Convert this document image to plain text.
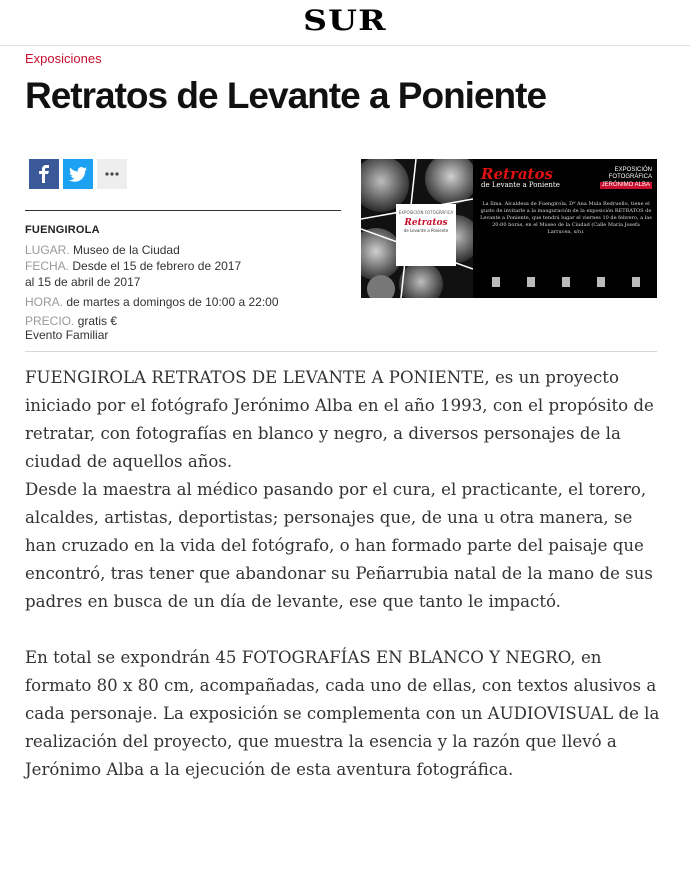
SUR
Exposiciones
Retratos de Levante a Poniente
FUENGIROLA
LUGAR. Museo de la Ciudad
FECHA. Desde el 15 de febrero de 2017
al 15 de abril de 2017
HORA. de martes a domingos de 10:00 a 22:00
PRECIO. gratis €
Evento Familiar
EXPOSICIÓN FOTOGRÁFICA
Retratos
de Levante a Poniente
Retratos
de Levante a Poniente
EXPOSICIÓN
FOTOGRÁFICA
JERÓNIMO ALBA
La Ilma. Alcaldesa de Fuengirola, Dª Ana Mula Redruello, tiene el gusto de invitarle a la inauguración de la exposición RETRATOS de Levante a Poniente, que tendrá lugar el viernes 10 de febrero, a las 20:00 horas, en el Museo de la Ciudad (Calle María Josefa Larrucea, s/n).

FUENGIROLA RETRATOS DE LEVANTE A PONIENTE, es un proyecto iniciado por el fotógrafo Jerónimo Alba en el año 1993, con el propósito de retratar, con fotografías en blanco y negro, a diversos personajes de la ciudad de aquellos años.

Desde la maestra al médico pasando por el cura, el practicante, el torero, alcaldes, artistas, deportistas; personajes que, de una u otra manera, se han cruzado en la vida del fotógrafo, o han formado parte del paisaje que encontró, tras tener que abandonar su Peñarrubia natal de la mano de sus padres en busca de un día de levante, ese que tanto le impactó.

En total se expondrán 45 FOTOGRAFÍAS EN BLANCO Y NEGRO, en formato 80 x 80 cm, acompañadas, cada uno de ellas, con textos alusivos a cada personaje. La exposición se complementa con un AUDIOVISUAL de la realización del proyecto, que muestra la esencia y la razón que llevó a Jerónimo Alba a la ejecución de esta aventura fotográfica.
